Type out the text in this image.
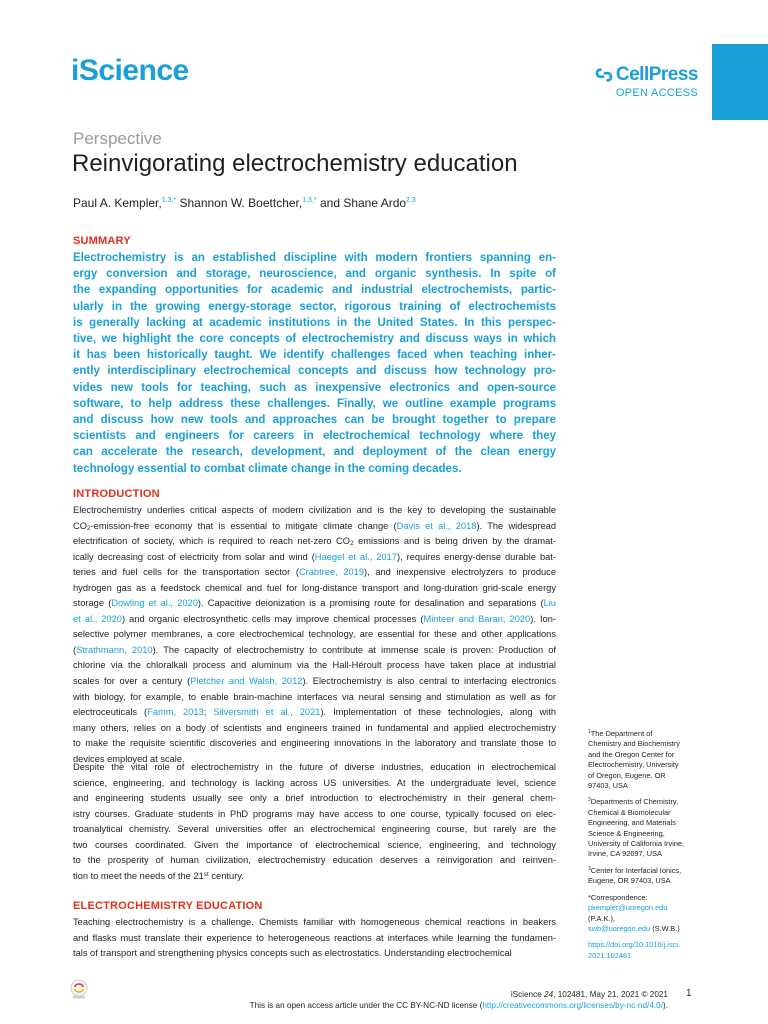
iScience	CellPress
OPEN ACCESS
Perspective
Reinvigorating electrochemistry education
Paul A. Kempler,$^{1,3,*}$ Shannon W. Boettcher,$^{1,3,*}$ and Shane Ardo$^{2,3}$
SUMMARY
Electrochemistry is an established discipline with modern frontiers spanning en-
ergy conversion and storage, neuroscience, and organic synthesis. In spite of
the expanding opportunities for academic and industrial electrochemists, partic-
ularly in the growing energy-storage sector, rigorous training of electrochemists
is generally lacking at academic institutions in the United States. In this perspec-
tive, we highlight the core concepts of electrochemistry and discuss ways in which
it has been historically taught. We identify challenges faced when teaching inher-
ently interdisciplinary electrochemical concepts and discuss how technology pro-
vides new tools for teaching, such as inexpensive electronics and open-source
software, to help address these challenges. Finally, we outline example programs
and discuss how new tools and approaches can be brought together to prepare
scientists and engineers for careers in electrochemical technology where they
can accelerate the research, development, and deployment of the clean energy
technology essential to combat climate change in the coming decades.
INTRODUCTION
Electrochemistry underlies critical aspects of modern civilization and is the key to developing the sustainable
$CO_2-emission$-free economy that is essential to mitigate climate change (Davis et al., 2018). The widespread
electrification of society, which is required to reach net-zero $CO_2$ emissions and is being driven by the dramat-
ically decreasing cost of electricity from solar and wind (Haegel et al., 2017), requires energy-dense durable bat-
teries and fuel cells for the transportation sector (Crabtree, 2019), and inexpensive electrolyzers to produce
hydrogen gas as a feedstock chemical and fuel for long-distance transport and long-duration grid-scale energy
storage (Dowling et al., 2020). Capacitive deionization is a promising route for desalination and separations (Liu
et al., 2020) and organic electrosynthetic cells may improve chemical processes (Minteer and Baran, 2020). Ion-
selective polymer membranes, a core electrochemical technology, are essential for these and other applications
(Strathmann, 2010). The capacity of electrochemistry to contribute at immense scale is proven: Production of
chlorine via the chloralkali process and aluminum via the Hall-Héroult process have taken place at industrial
scales for over a century (Pletcher and Walsh, 2012). Electrochemistry is also central to interfacing electronics
with biology, for example, to enable brain-machine interfaces via neural sensing and stimulation as well as for
electroceuticals (Famm, 2013; Silversmith et al., 2021). Implementation of these technologies, along with
many others, relies on a body of scientists and engineers trained in fundamental and applied electrochemistry
to make the requisite scientific discoveries and engineering innovations in the laboratory and translate those to
devices employed at scale.
Despite the vital role of electrochemistry in the future of diverse industries, education in electrochemical
science, engineering, and technology is lacking across US universities. At the undergraduate level, science
and engineering students usually see only a brief introduction to electrochemistry in their general chem-
istry courses. Graduate students in PhD programs may have access to one course, typically focused on elec-
troanalytical chemistry. Several universities offer an electrochemical engineering course, but rarely are the
two courses coordinated. Given the importance of electrochemical science, engineering, and technology
to the prosperity of human civilization, electrochemistry education deserves a reinvigoration and reinven-
tion to meet the needs of the 21st century.
ELECTROCHEMISTRY EDUCATION
Teaching electrochemistry is a challenge. Chemists familiar with homogeneous chemical reactions in beakers
and flasks must translate their experience to heterogeneous reactions at interfaces while learning the fundamen-
tals of transport and strengthening physics concepts such as electrostatics. Understanding electrochemical
$^1$The Department of
Chemistry and Biochemistry
and the Oregon Center for
Electrochemistry, University
of Oregon, Eugene, OR
97403, USA
$^2$Departments of Chemistry,
Chemical & Biomolecular
Engineering, and Materials
Science & Engineering,
University of California Irvine,
Irvine, CA 92697, USA
$^3$Center for Interfacial Ionics,
Eugene, OR 97403, USA
*Correspondence:

pkempler@uoregon.edu
(P.A.K.),
swb@uoregon.edu (S.W.B.)
https://doi.org/10.1016/j.isci.
2021.102481
iScience 24, 102481, May 21, 2021 © 2021 1
This is an open access article under the CC BY-NC-ND license (http://creativecommons.org/licenses/by-nc-nd/4.0/).
